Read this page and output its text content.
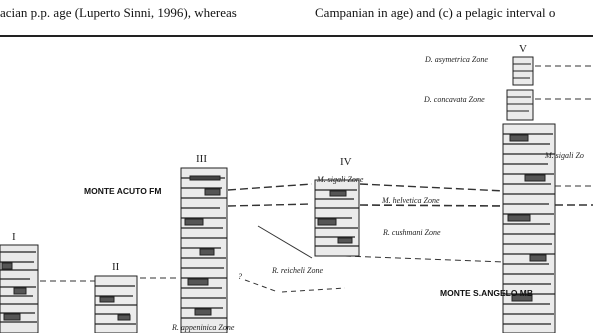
acian p.p. age (Luperto Sinni, 1996), whereas	Campanian in age) and (c) a pelagic interval o
I
II
III	IV
V
MONTE ACUTO FM
MONTE S.ANGELO MB
D. asymetrica Zone
D. concavata Zone
M. sigali Zo
M. sigali Zone
M. helvetica Zone
R. cushmani Zone
R. reicheli Zone
?
R. appeninica Zone
